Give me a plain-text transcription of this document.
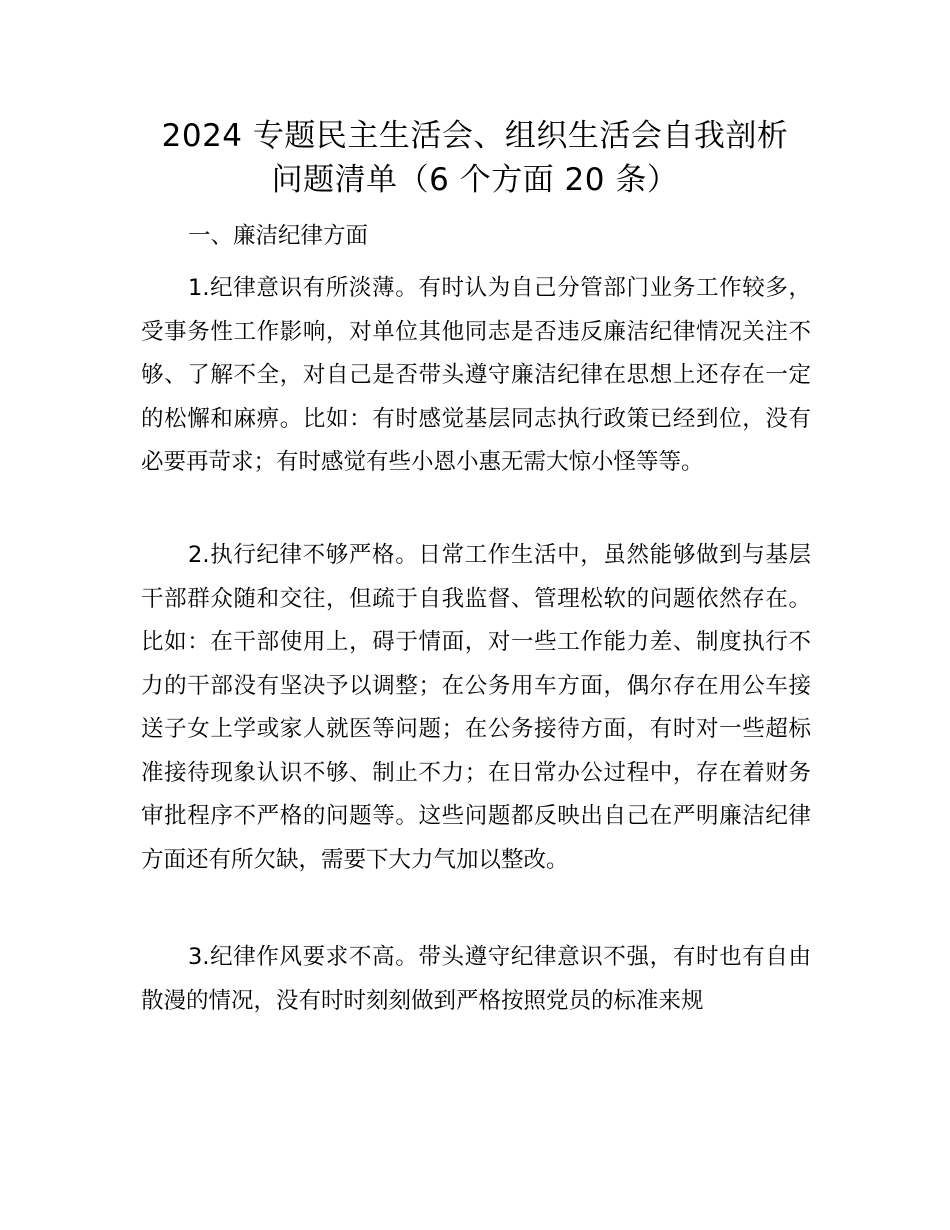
2024 专题民主生活会、组织生活会自我剖析
问题清单（6 个方面 20 条）
一、廉洁纪律方面
1.纪律意识有所淡薄。有时认为自己分管部门业务工作较多，受事务性工作影响，对单位其他同志是否违反廉洁纪律情况关注不够、了解不全，对自己是否带头遵守廉洁纪律在思想上还存在一定的松懈和麻痹。比如：有时感觉基层同志执行政策已经到位，没有必要再苛求；有时感觉有些小恩小惠无需大惊小怪等等。
2.执行纪律不够严格。日常工作生活中，虽然能够做到与基层干部群众随和交往，但疏于自我监督、管理松软的问题依然存在。比如：在干部使用上，碍于情面，对一些工作能力差、制度执行不力的干部没有坚决予以调整；在公务用车方面，偶尔存在用公车接送子女上学或家人就医等问题；在公务接待方面，有时对一些超标准接待现象认识不够、制止不力；在日常办公过程中，存在着财务审批程序不严格的问题等。这些问题都反映出自己在严明廉洁纪律方面还有所欠缺，需要下大力气加以整改。
3.纪律作风要求不高。带头遵守纪律意识不强，有时也有自由散漫的情况，没有时时刻刻做到严格按照党员的标准来规
